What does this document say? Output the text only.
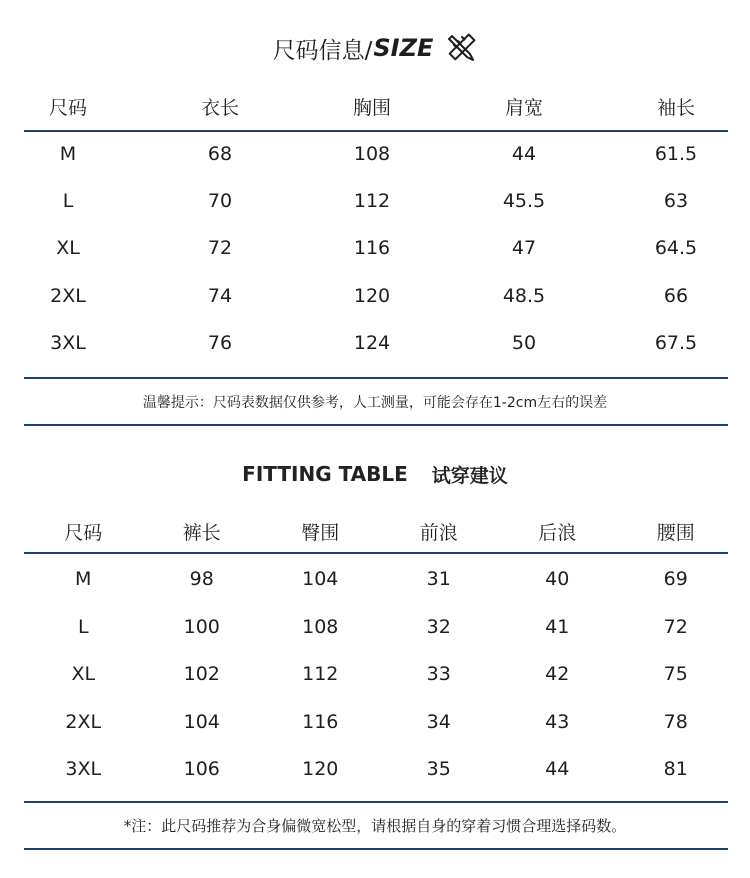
尺码信息/ SIZE
尺码	衣长	胸围	肩宽	袖长
M	68	108	44	61.5
L	70	112	45.5	63
XL	72	116	47	64.5
2XL	74	120	48.5	66
3XL	76	124	50	67.5
温馨提示：尺码表数据仅供参考，人工测量，可能会存在1-2cm左右的误差
FITTING TABLE 试穿建议
尺码	裤长	臀围	前浪	后浪	腰围
M	98	104	31	40	69
L	100	108	32	41	72
XL	102	112	33	42	75
2XL	104	116	34	43	78
3XL	106	120	35	44	81
*注：此尺码推荐为合身偏微宽松型，请根据自身的穿着习惯合理选择码数。
